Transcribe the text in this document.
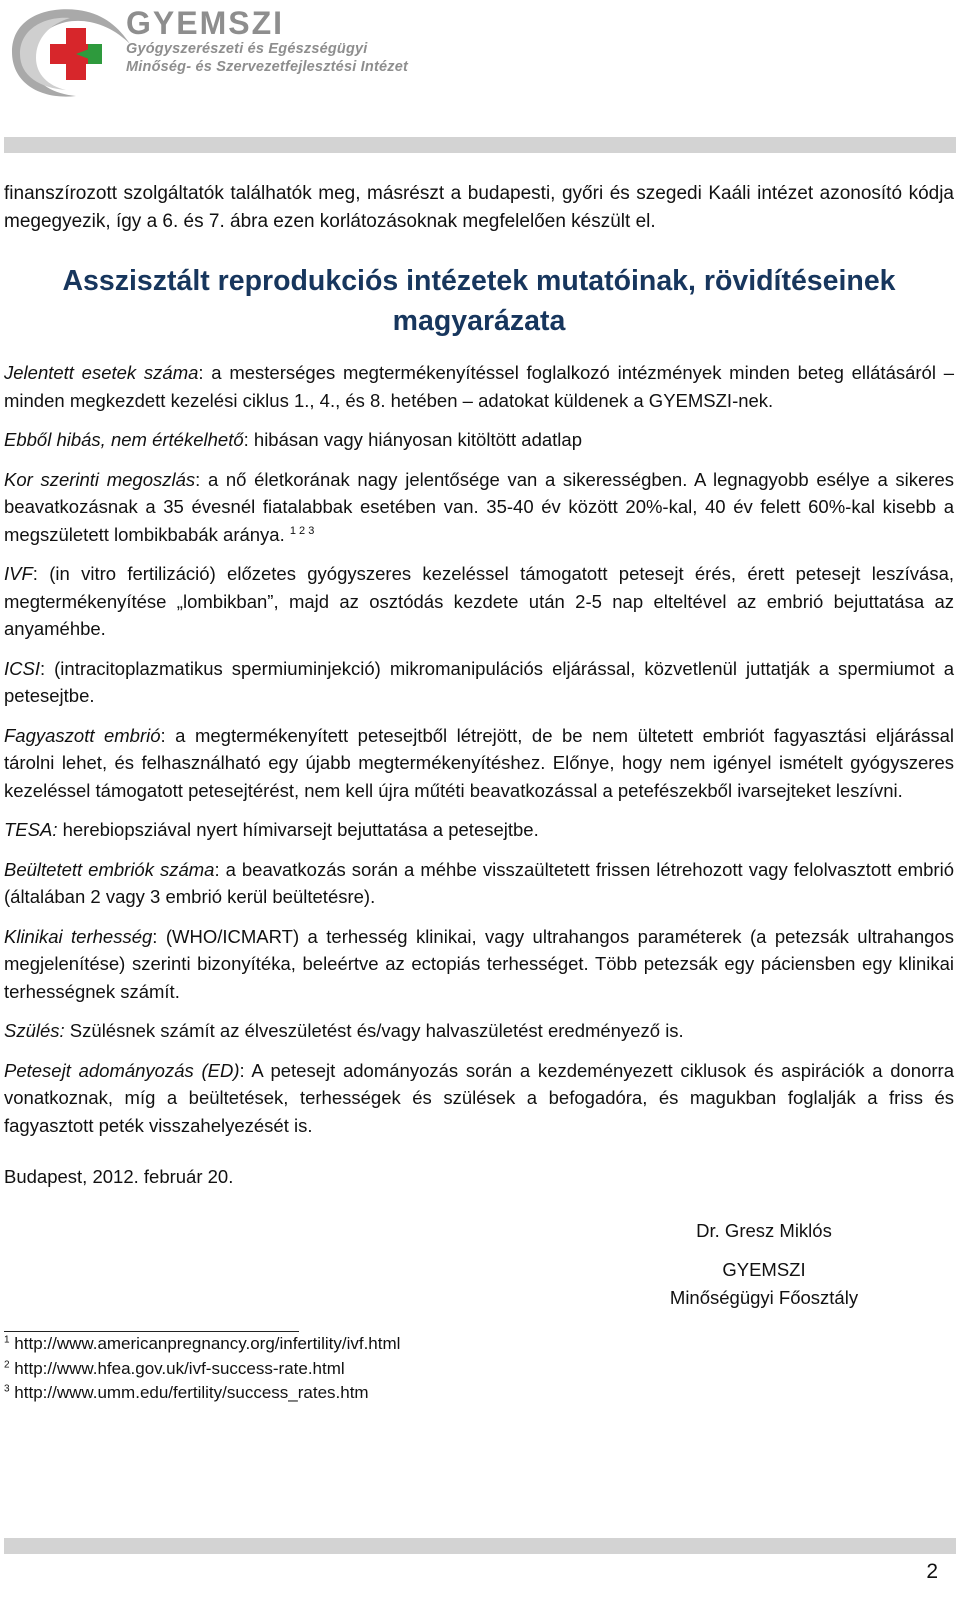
GYEMSZI
Gyógyszerészeti és Egészségügyi
Minőség- és Szervezetfejlesztési Intézet

finanszírozott szolgáltatók találhatók meg, másrészt a budapesti, győri és szegedi Kaáli intézet azonosító kódja megegyezik, így a 6. és 7. ábra ezen korlátozásoknak megfelelően készült el.

Asszisztált reprodukciós intézetek mutatóinak, rövidítéseinek magyarázata

Jelentett esetek száma: a mesterséges megtermékenyítéssel foglalkozó intézmények minden beteg ellátásáról – minden megkezdett kezelési ciklus 1., 4., és 8. hetében – adatokat küldenek a GYEMSZI-nek.

Ebből hibás, nem értékelhető: hibásan vagy hiányosan kitöltött adatlap

Kor szerinti megoszlás: a nő életkorának nagy jelentősége van a sikerességben. A legnagyobb esélye a sikeres beavatkozásnak a 35 évesnél fiatalabbak esetében van. 35-40 év között 20%-kal, 40 év felett 60%-kal kisebb a megszületett lombikbabák aránya. $^{1 2 3}$

IVF: (in vitro fertilizáció) előzetes gyógyszeres kezeléssel támogatott petesejt érés, érett petesejt leszívása, megtermékenyítése „lombikban”, majd az osztódás kezdete után 2-5 nap elteltével az embrió bejuttatása az anyaméhbe.

ICSI: (intracitoplazmatikus spermiuminjekció) mikromanipulációs eljárással, közvetlenül juttatják a spermiumot a petesejtbe.

Fagyaszott embrió: a megtermékenyített petesejtből létrejött, de be nem ültetett embriót fagyasztási eljárással tárolni lehet, és felhasználható egy újabb megtermékenyítéshez. Előnye, hogy nem igényel ismételt gyógyszeres kezeléssel támogatott petesejtérést, nem kell újra műtéti beavatkozással a petefészekből ivarsejteket leszívni.

TESA: herebiopsziával nyert hímivarsejt bejuttatása a petesejtbe.

Beültetett embriók száma: a beavatkozás során a méhbe visszaültetett frissen létrehozott vagy felolvasztott embrió (általában 2 vagy 3 embrió kerül beültetésre).

Klinikai terhesség: (WHO/ICMART) a terhesség klinikai, vagy ultrahangos paraméterek (a petezsák ultrahangos megjelenítése) szerinti bizonyítéka, beleértve az ectopiás terhességet. Több petezsák egy páciensben egy klinikai terhességnek számít.

Szülés: Szülésnek számít az élveszületést és/vagy halvaszületést eredményező is.

Petesejt adományozás (ED): A petesejt adományozás során a kezdeményezett ciklusok és aspirációk a donorra vonatkoznak, míg a beültetések, terhességek és szülések a befogadóra, és magukban foglalják a friss és fagyasztott peték visszahelyezését is.

Budapest, 2012. február 20.

Dr. Gresz Miklós

GYEMSZI

Minőségügyi Főosztály

$^1$ http://www.americanpregnancy.org/infertility/ivf.html

$^2$ http://www.hfea.gov.uk/ivf-success-rate.html

$^3$ http://www.umm.edu/fertility/success_rates.htm

2
